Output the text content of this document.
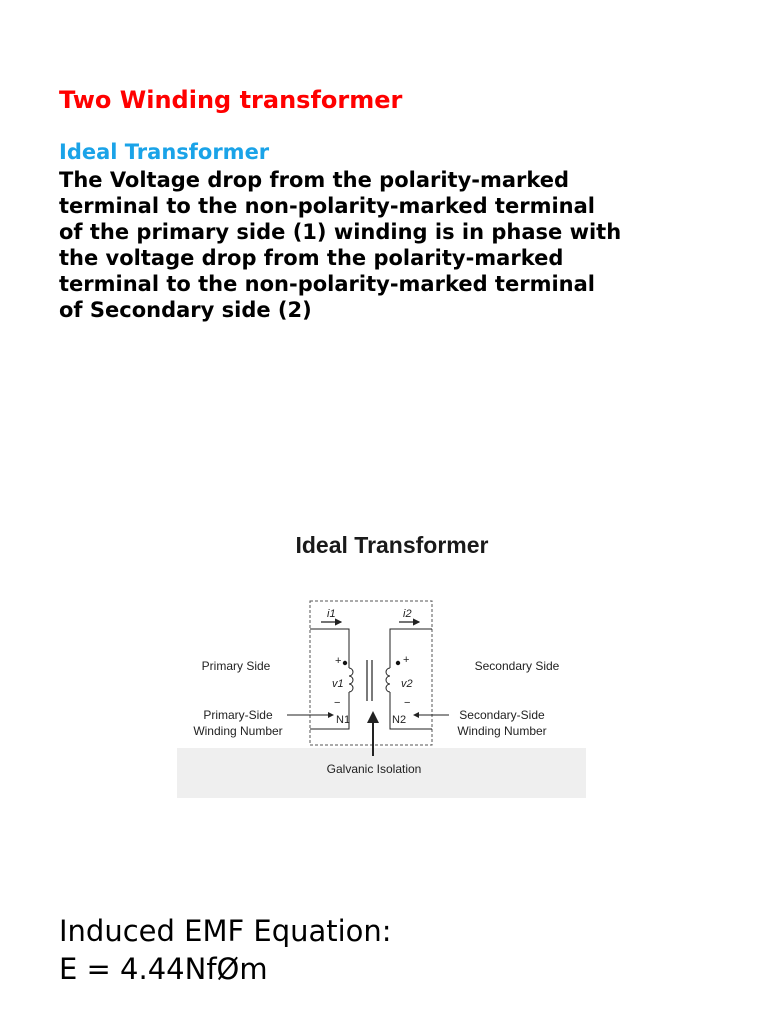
Two Winding transformer
Ideal Transformer
The Voltage drop from the polarity-marked
terminal to the non-polarity-marked terminal
of the primary side (1) winding is in phase with
the voltage drop from the polarity-marked
terminal to the non-polarity-marked terminal
of Secondary side (2)
Ideal Transformer
i1	i2
+	+
−	−
v1	v2
N1	N2
Primary Side	Secondary Side
Primary-Side
Winding Number
Secondary-Side
Winding Number
Galvanic Isolation
Induced EMF Equation:
E = 4.44NfØm
